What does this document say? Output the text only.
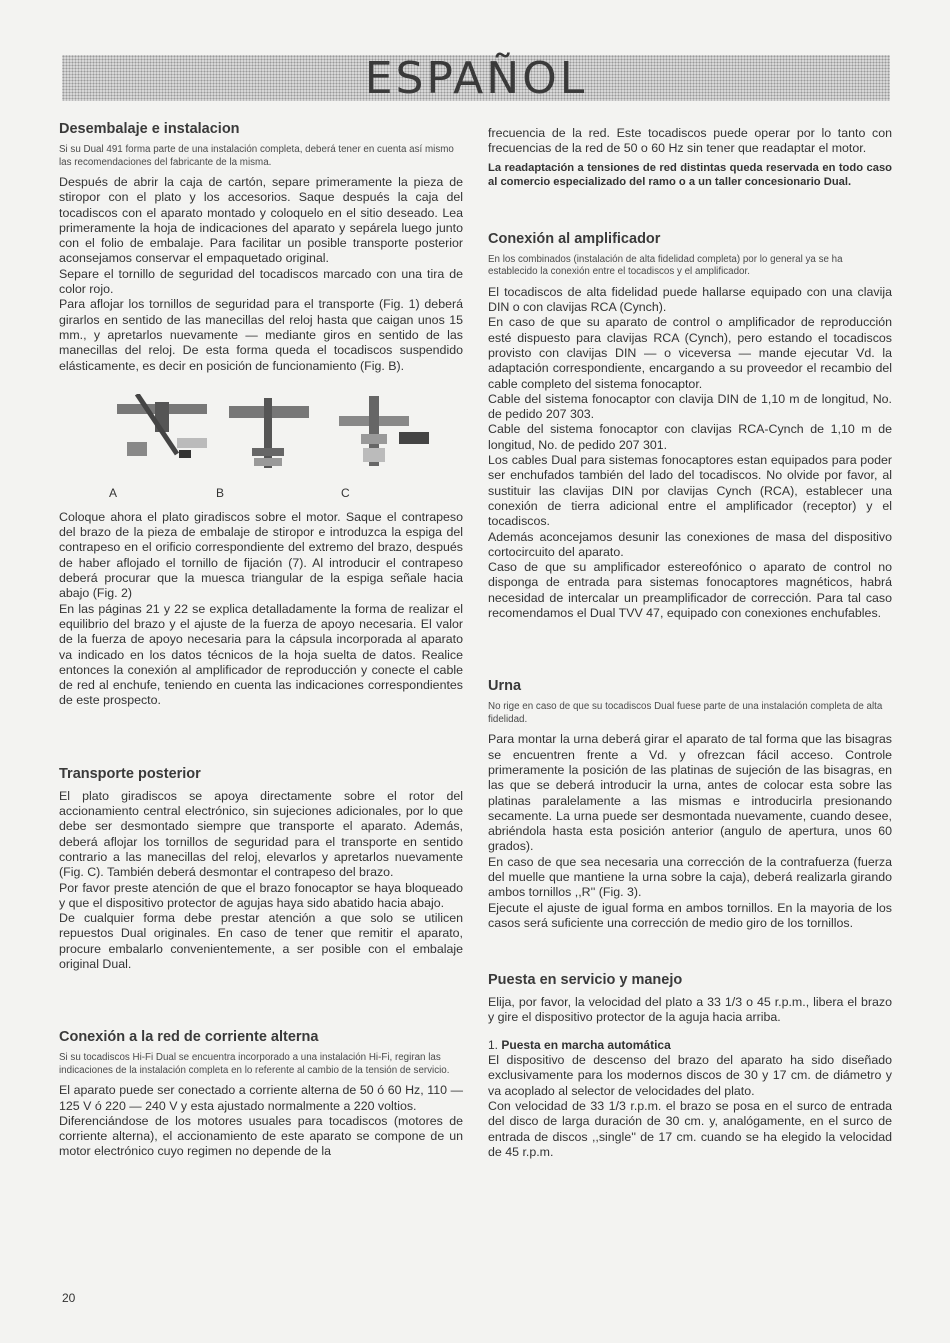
ESPAÑOL
Desembalaje e instalacion
Si su Dual 491 forma parte de una instalación completa, deberá tener en cuenta así mismo las recomendaciones del fabricante de la misma.

Después de abrir la caja de cartón, separe primeramente la pieza de stiropor con el plato y los accesorios. Saque después la caja del tocadiscos con el aparato montado y coloquelo en el sitio deseado. Lea primeramente la hoja de indicaciones del aparato y sepárela luego junto con el folio de embalaje. Para facilitar un posible transporte posterior aconsejamos conservar el empaquetado original.

Separe el tornillo de seguridad del tocadiscos marcado con una tira de color rojo.

Para aflojar los tornillos de seguridad para el transporte (Fig. 1) deberá girarlos en sentido de las manecillas del reloj hasta que caigan unos 15 mm., y apretarlos nuevamente — mediante giros en sentido de las manecillas del reloj. De esta forma queda el tocadiscos suspendido elásticamente, es decir en posición de funcionamiento (Fig. B).

A	B	C

Coloque ahora el plato giradiscos sobre el motor. Saque el contrapeso del brazo de la pieza de embalaje de stiropor e introduzca la espiga del contrapeso en el orificio correspondiente del extremo del brazo, después de haber aflojado el tornillo de fijación (7). Al introducir el contrapeso deberá procurar que la muesca triangular de la espiga señale hacia abajo (Fig. 2)

En las páginas 21 y 22 se explica detalladamente la forma de realizar el equilibrio del brazo y el ajuste de la fuerza de apoyo necesaria. El valor de la fuerza de apoyo necesaria para la cápsula incorporada al aparato va indicado en los datos técnicos de la hoja suelta de datos. Realice entonces la conexión al amplificador de reproducción y conecte el cable de red al enchufe, teniendo en cuenta las indicaciones correspondientes de este prospecto.

Transporte posterior

El plato giradiscos se apoya directamente sobre el rotor del accionamiento central electrónico, sin sujeciones adicionales, por lo que debe ser desmontado siempre que transporte el aparato. Además, deberá aflojar los tornillos de seguridad para el transporte en sentido contrario a las manecillas del reloj, elevarlos y apretarlos nuevamente (Fig. C). También deberá desmontar el contrapeso del brazo.

Por favor preste atención de que el brazo fonocaptor se haya bloqueado y que el dispositivo protector de agujas haya sido abatido hacia abajo.

De cualquier forma debe prestar atención a que solo se utilicen repuestos Dual originales. En caso de tener que remitir el aparato, procure embalarlo convenientemente, a ser posible con el embalaje original Dual.

Conexión a la red de corriente alterna
Si su tocadiscos Hi-Fi Dual se encuentra incorporado a una instalación Hi-Fi, regiran las indicaciones de la instalación completa en lo referente al cambio de la tensión de servicio.

El aparato puede ser conectado a corriente alterna de 50 ó 60 Hz, 110 — 125 V ó 220 — 240 V y esta ajustado normalmente a 220 voltios.

Diferenciándose de los motores usuales para tocadiscos (motores de corriente alterna), el accionamiento de este aparato se compone de un motor electrónico cuyo regimen no depende de la

frecuencia de la red. Este tocadiscos puede operar por lo tanto con frecuencias de la red de 50 o 60 Hz sin tener que readaptar el motor.

La readaptación a tensiones de red distintas queda reservada en todo caso al comercio especializado del ramo o a un taller concesionario Dual.

Conexión al amplificador
En los combinados (instalación de alta fidelidad completa) por lo general ya se ha establecido la conexión entre el tocadiscos y el amplificador.

El tocadiscos de alta fidelidad puede hallarse equipado con una clavija DIN o con clavijas RCA (Cynch).

En caso de que su aparato de control o amplificador de reproducción esté dispuesto para clavijas RCA (Cynch), pero estando el tocadiscos provisto con clavijas DIN — o viceversa — mande ejecutar Vd. la adaptación correspondiente, encargando a su proveedor el recambio del cable completo del sistema fonocaptor.

Cable del sistema fonocaptor con clavija DIN de 1,10 m de longitud, No. de pedido 207 303.

Cable del sistema fonocaptor con clavijas RCA-Cynch de 1,10 m de longitud, No. de pedido 207 301.

Los cables Dual para sistemas fonocaptores estan equipados para poder ser enchufados también del lado del tocadiscos. No olvide por favor, al sustituir las clavijas DIN por clavijas Cynch (RCA), establecer una conexión de tierra adicional entre el amplificador (receptor) y el tocadiscos.

Además aconcejamos desunir las conexiones de masa del dispositivo cortocircuito del aparato.

Caso de que su amplificador estereofónico o aparato de control no disponga de entrada para sistemas fonocaptores magnéticos, habrá necesidad de intercalar un preamplificador de corrección. Para tal caso recomendamos el Dual TVV 47, equipado con conexiones enchufables.

Urna
No rige en caso de que su tocadiscos Dual fuese parte de una instalación completa de alta fidelidad.

Para montar la urna deberá girar el aparato de tal forma que las bisagras se encuentren frente a Vd. y ofrezcan fácil acceso. Controle primeramente la posición de las platinas de sujeción de las bisagras, en las que se deberá introducir la urna, antes de colocar esta sobre las platinas paralelamente a las mismas e introducirla presionando secamente. La urna puede ser desmontada nuevamente, cuando desee, abriéndola hasta esta posición anterior (angulo de apertura, unos 60 grados).

En caso de que sea necesaria una corrección de la contrafuerza (fuerza del muelle que mantiene la urna sobre la caja), deberá realizarla girando ambos tornillos ,,R'' (Fig. 3).

Ejecute el ajuste de igual forma en ambos tornillos. En la mayoria de los casos será suficiente una corrección de medio giro de los tornillos.

Puesta en servicio y manejo

Elija, por favor, la velocidad del plato a 33 1/3 o 45 r.p.m., libera el brazo y gire el dispositivo protector de la aguja hacia arriba.

1. Puesta en marcha automática

El dispositivo de descenso del brazo del aparato ha sido diseñado exclusivamente para los modernos discos de 30 y 17 cm. de diámetro y va acoplado al selector de velocidades del plato.

Con velocidad de 33 1/3 r.p.m. el brazo se posa en el surco de entrada del disco de larga duración de 30 cm. y, analógamente, en el surco de entrada de discos ,,single'' de 17 cm. cuando se ha elegido la velocidad de 45 r.p.m.

20
